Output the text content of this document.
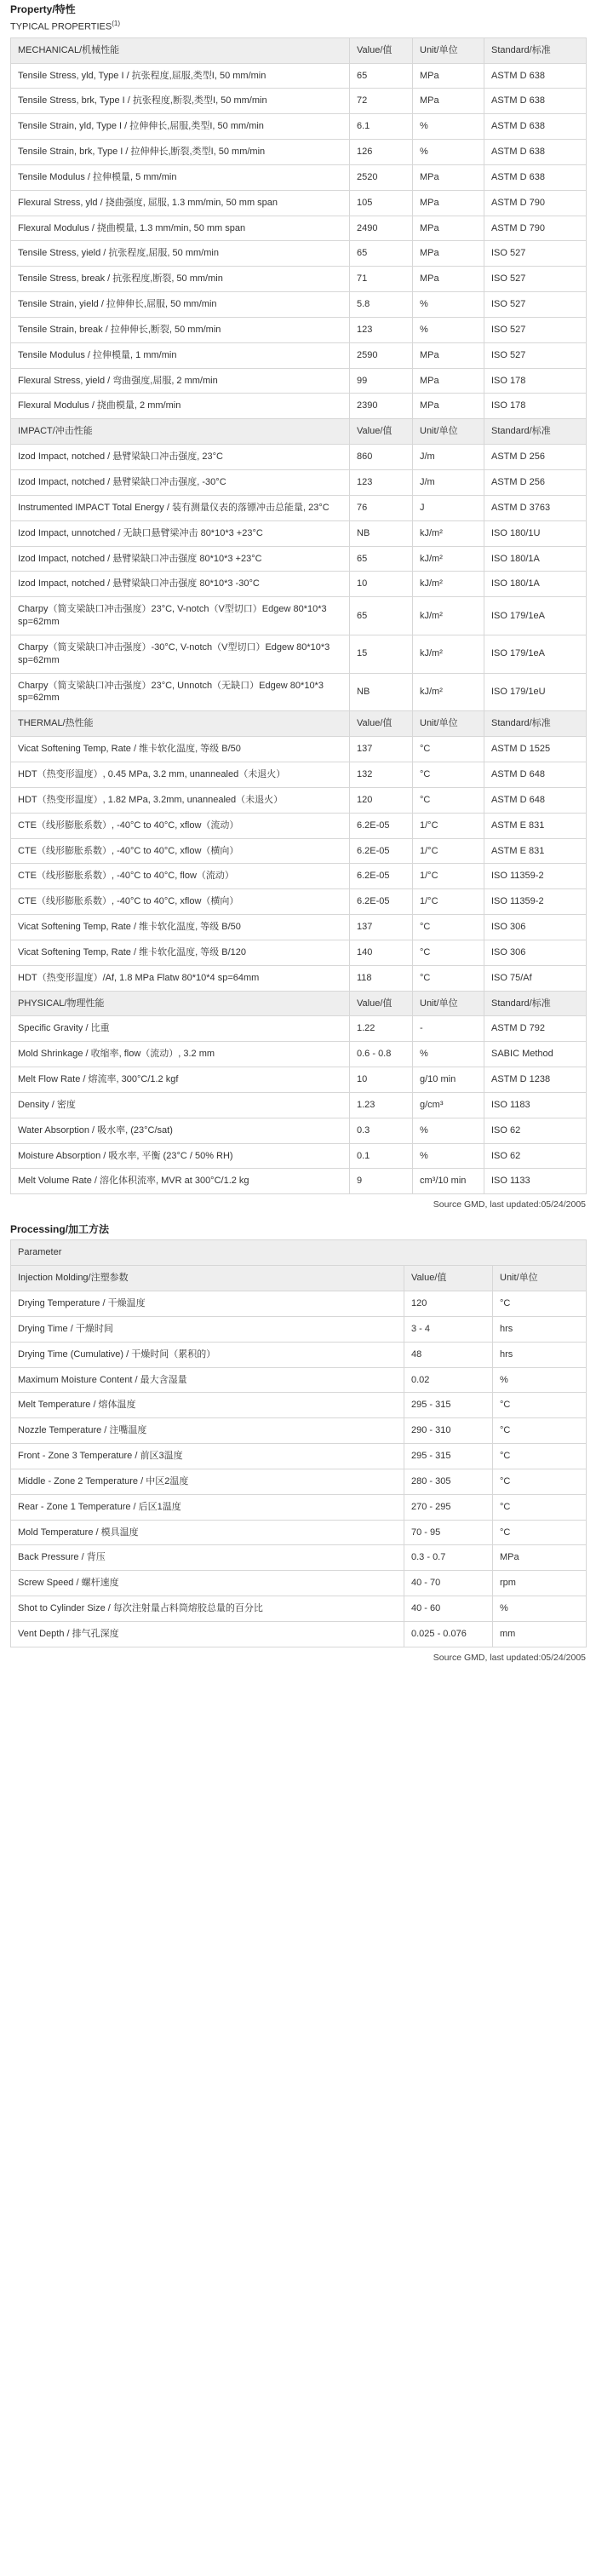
Property/特性
TYPICAL PROPERTIES$^{(1)}$
MECHANICAL/机械性能	Value/值	Unit/单位	Standard/标准
Tensile Stress, yld, Type I / 抗张程度,屈服,类型I, 50 mm/min	65	MPa	ASTM D 638
Tensile Stress, brk, Type I / 抗张程度,断裂,类型I, 50 mm/min	72	MPa	ASTM D 638
Tensile Strain, yld, Type I / 拉伸伸长,屈服,类型I, 50 mm/min	6.1	%	ASTM D 638
Tensile Strain, brk, Type I / 拉伸伸长,断裂,类型I, 50 mm/min	126	%	ASTM D 638
Tensile Modulus / 拉伸模量, 5 mm/min	2520	MPa	ASTM D 638
Flexural Stress, yld / 挠曲强度, 屈服, 1.3 mm/min, 50 mm span	105	MPa	ASTM D 790
Flexural Modulus / 挠曲模量, 1.3 mm/min, 50 mm span	2490	MPa	ASTM D 790
Tensile Stress, yield / 抗张程度,屈服, 50 mm/min	65	MPa	ISO 527
Tensile Stress, break / 抗张程度,断裂, 50 mm/min	71	MPa	ISO 527
Tensile Strain, yield / 拉伸伸长,屈服, 50 mm/min	5.8	%	ISO 527
Tensile Strain, break / 拉伸伸长,断裂, 50 mm/min	123	%	ISO 527
Tensile Modulus / 拉伸模量, 1 mm/min	2590	MPa	ISO 527
Flexural Stress, yield / 弯曲强度,屈服, 2 mm/min	99	MPa	ISO 178
Flexural Modulus / 挠曲模量, 2 mm/min	2390	MPa	ISO 178
IMPACT/冲击性能	Value/值	Unit/单位	Standard/标准
Izod Impact, notched / 悬臂梁缺口冲击强度, 23°C	860	J/m	ASTM D 256
Izod Impact, notched / 悬臂梁缺口冲击强度, -30°C	123	J/m	ASTM D 256
Instrumented IMPACT Total Energy / 装有测量仪表的落镖冲击总能量, 23°C	76	J	ASTM D 3763
Izod Impact, unnotched / 无缺口悬臂梁冲击 80*10*3 +23°C	NB	kJ/m²	ISO 180/1U
Izod Impact, notched / 悬臂梁缺口冲击强度 80*10*3 +23°C	65	kJ/m²	ISO 180/1A
Izod Impact, notched / 悬臂梁缺口冲击强度 80*10*3 -30°C	10	kJ/m²	ISO 180/1A
Charpy（简支梁缺口冲击强度）23°C, V-notch（V型切口）Edgew 80*10*3 sp=62mm	65	kJ/m²	ISO 179/1eA
Charpy（简支梁缺口冲击强度）-30°C, V-notch（V型切口）Edgew 80*10*3 sp=62mm	15	kJ/m²	ISO 179/1eA
Charpy（简支梁缺口冲击强度）23°C, Unnotch（无缺口）Edgew 80*10*3 sp=62mm	NB	kJ/m²	ISO 179/1eU
THERMAL/热性能	Value/值	Unit/单位	Standard/标准
Vicat Softening Temp, Rate / 维卡软化温度, 等级 B/50	137	°C	ASTM D 1525
HDT（热变形温度）, 0.45 MPa, 3.2 mm, unannealed（未退火）	132	°C	ASTM D 648
HDT（热变形温度）, 1.82 MPa, 3.2mm, unannealed（未退火）	120	°C	ASTM D 648
CTE（线形膨胀系数）, -40°C to 40°C, xflow（流动）	6.2E-05	1/°C	ASTM E 831
CTE（线形膨胀系数）, -40°C to 40°C, xflow（横向）	6.2E-05	1/°C	ASTM E 831
CTE（线形膨胀系数）, -40°C to 40°C, flow（流动）	6.2E-05	1/°C	ISO 11359-2
CTE（线形膨胀系数）, -40°C to 40°C, xflow（横向）	6.2E-05	1/°C	ISO 11359-2
Vicat Softening Temp, Rate / 维卡软化温度, 等级 B/50	137	°C	ISO 306
Vicat Softening Temp, Rate / 维卡软化温度, 等级 B/120	140	°C	ISO 306
HDT（热变形温度）/Af, 1.8 MPa Flatw 80*10*4 sp=64mm	118	°C	ISO 75/Af
PHYSICAL/物理性能	Value/值	Unit/单位	Standard/标准
Specific Gravity / 比重	1.22	-	ASTM D 792
Mold Shrinkage / 收缩率, flow（流动）, 3.2 mm	0.6 - 0.8	%	SABIC Method
Melt Flow Rate / 熔流率, 300°C/1.2 kgf	10	g/10 min	ASTM D 1238
Density / 密度	1.23	g/cm³	ISO 1183
Water Absorption / 吸水率, (23°C/sat)	0.3	%	ISO 62
Moisture Absorption / 吸水率, 平衡 (23°C / 50% RH)	0.1	%	ISO 62
Melt Volume Rate / 溶化体积流率, MVR at 300°C/1.2 kg	9	cm³/10 min	ISO 1133
Source GMD, last updated:05/24/2005
Processing/加工方法
Parameter		
Injection Molding/注塑参数	Value/值	Unit/单位
Drying Temperature / 干燥温度	120	°C
Drying Time / 干燥时间	3 - 4	hrs
Drying Time (Cumulative) / 干燥时间（累积的）	48	hrs
Maximum Moisture Content / 最大含湿量	0.02	%
Melt Temperature / 熔体温度	295 - 315	°C
Nozzle Temperature / 注嘴温度	290 - 310	°C
Front - Zone 3 Temperature / 前区3温度	295 - 315	°C
Middle - Zone 2 Temperature / 中区2温度	280 - 305	°C
Rear - Zone 1 Temperature / 后区1温度	270 - 295	°C
Mold Temperature / 模具温度	70 - 95	°C
Back Pressure / 背压	0.3 - 0.7	MPa
Screw Speed / 螺杆速度	40 - 70	rpm
Shot to Cylinder Size / 每次注射量占料筒熔胶总量的百分比	40 - 60	%
Vent Depth / 排气孔深度	0.025 - 0.076	mm
Source GMD, last updated:05/24/2005
